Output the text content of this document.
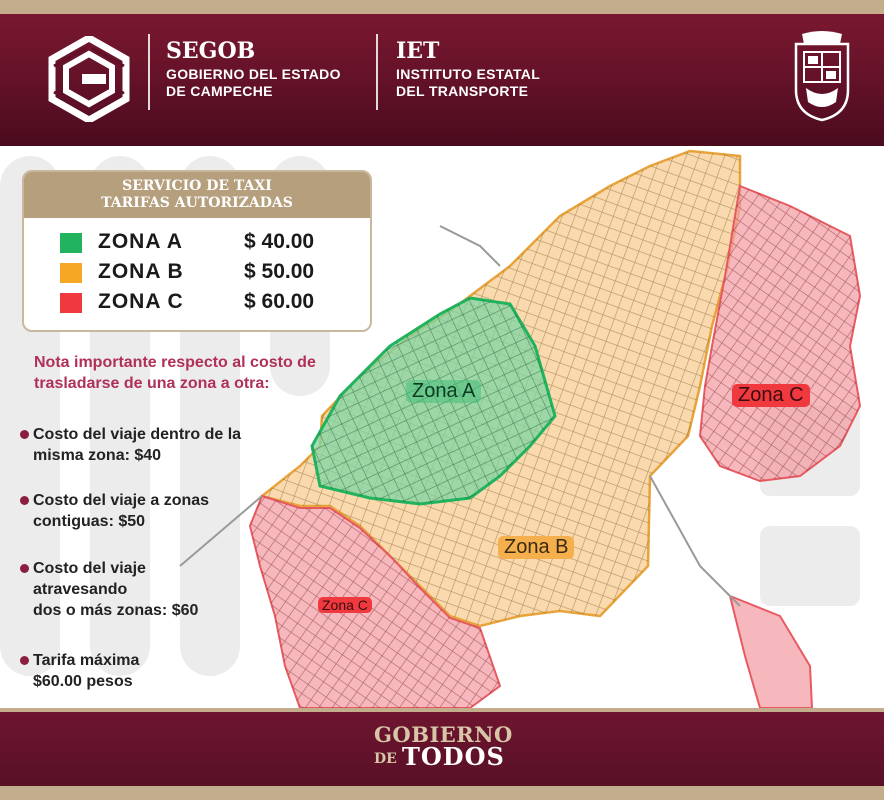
SEGOB
GOBIERNO DEL ESTADO
DE CAMPECHE
IET
INSTITUTO ESTATAL
DEL TRANSPORTE
Zona A
Zona B
Zona C
Zona C
SERVICIO DE TAXI
TARIFAS AUTORIZADAS
ZONA A	$ 40.00
ZONA B	$ 50.00
ZONA C	$ 60.00
Nota importante respecto al costo de trasladarse de una zona a otra:
Costo del viaje dentro de la
misma zona: $40
Costo del viaje a zonas
contiguas: $50
Costo del viaje
atravesando
dos o más zonas: $60
Tarifa máxima
$60.00 pesos
GOBIERNO
DE TODOS
